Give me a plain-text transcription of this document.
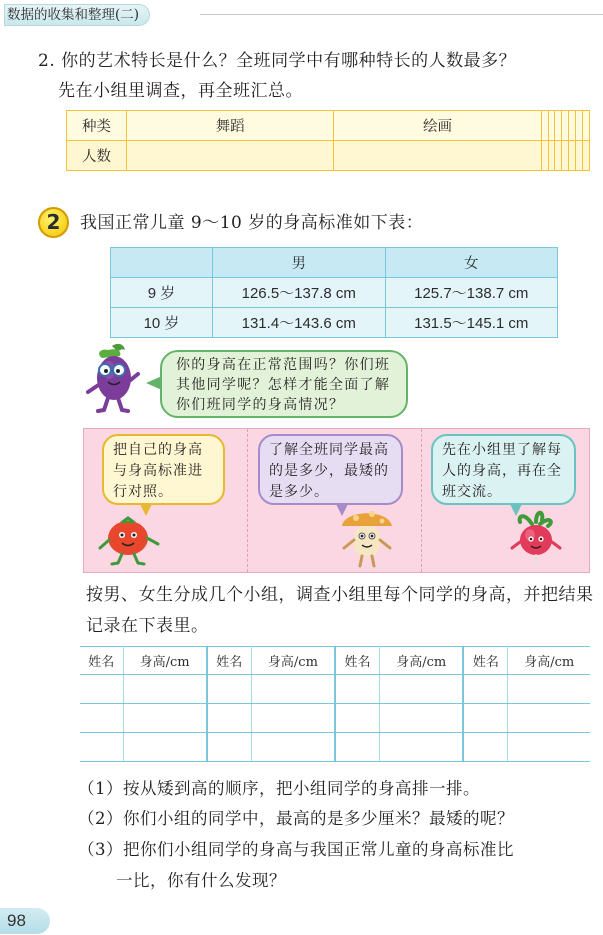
数据的收集和整理(二)
2. 你的艺术特长是什么？全班同学中有哪种特长的人数最多？
先在小组里调查，再全班汇总。
种类	舞蹈	绘画							
人数									
2	我国正常儿童 9～10 岁的身高标准如下表：
	男	女
9 岁	126.5～137.8 cm	125.7～138.7 cm
10 岁	131.4～143.6 cm	131.5～145.1 cm
你的身高在正常范围吗？你们班其他同学呢？怎样才能全面了解你们班同学的身高情况？
把自己的身高与身高标准进行对照。
了解全班同学最高的是多少，最矮的是多少。
先在小组里了解每人的身高，再在全班交流。
按男、女生分成几个小组，调查小组里每个同学的身高，并把结果记录在下表里。
姓名	身高/cm	姓名	身高/cm	姓名	身高/cm	姓名	身高/cm

（1）按从矮到高的顺序，把小组同学的身高排一排。
（2）你们小组的同学中，最高的是多少厘米？最矮的呢？
（3）把你们小组同学的身高与我国正常儿童的身高标准比
一比，你有什么发现？
98
